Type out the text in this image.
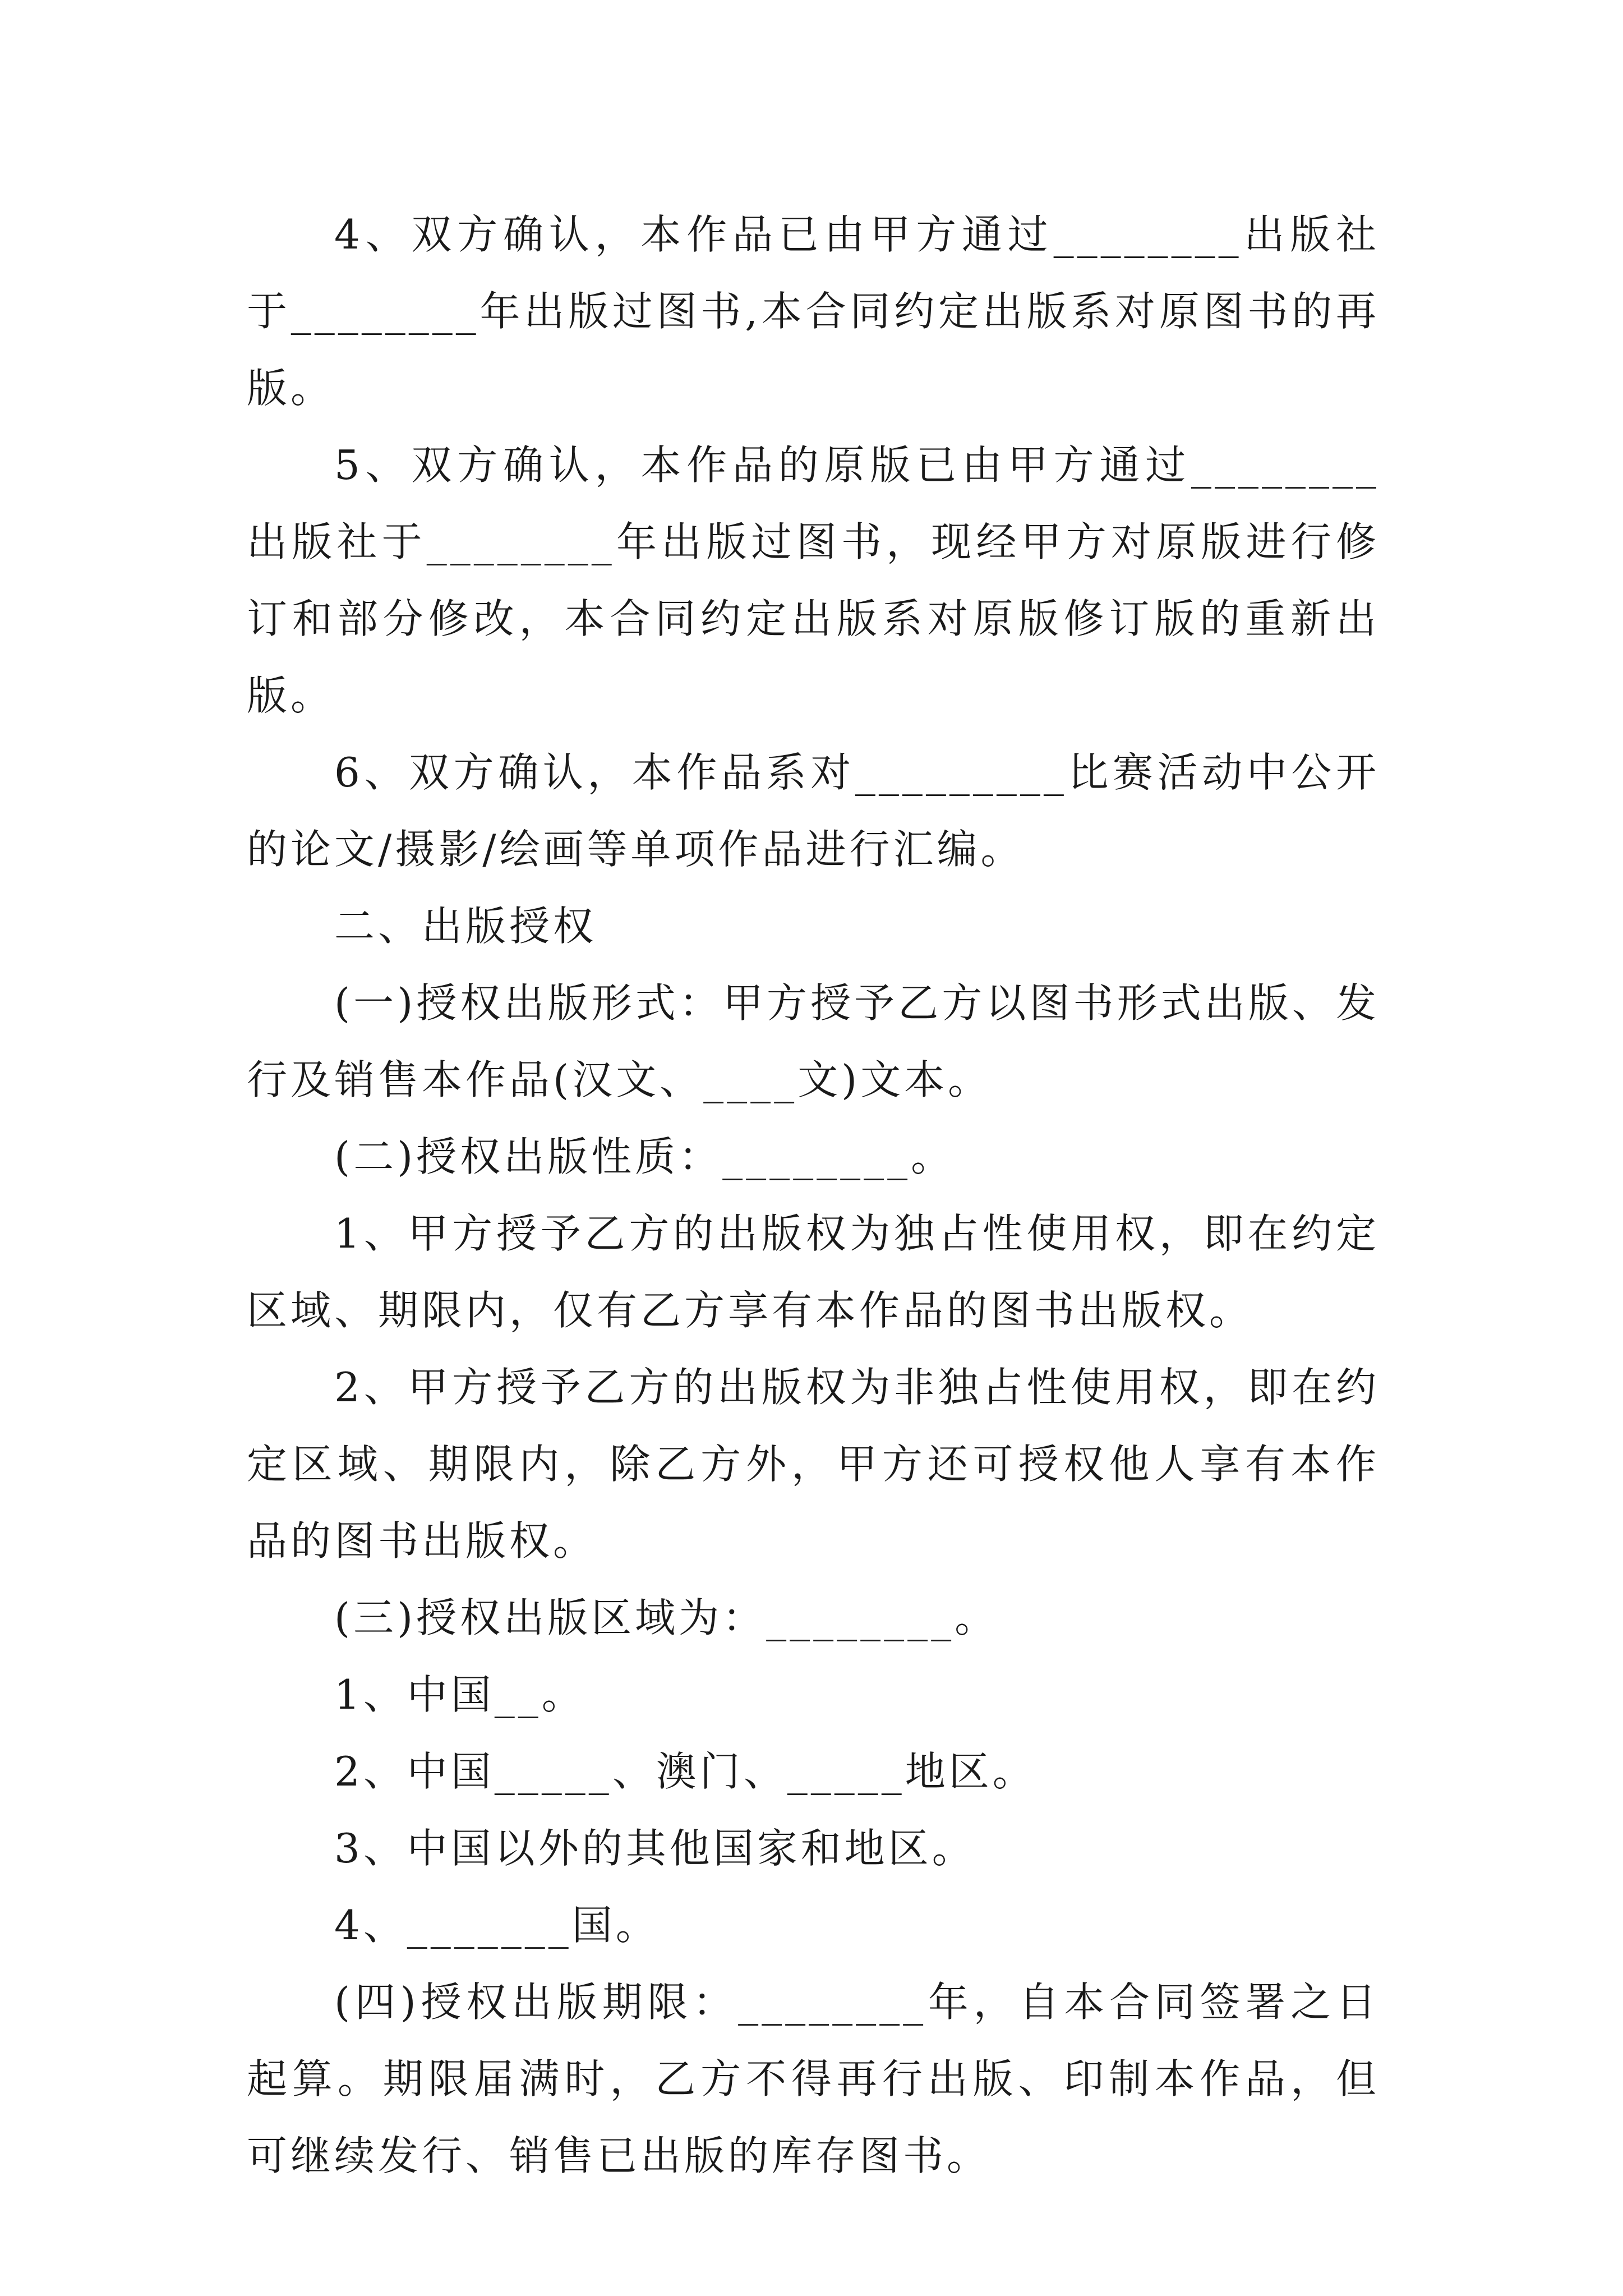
4、双方确认，本作品已由甲方通过________出版社于________年出版过图书,本合同约定出版系对原图书的再版。

5、双方确认，本作品的原版已由甲方通过________出版社于________年出版过图书，现经甲方对原版进行修订和部分修改，本合同约定出版系对原版修订版的重新出版。

6、双方确认，本作品系对_________比赛活动中公开的论文/摄影/绘画等单项作品进行汇编。

二、出版授权

(一)授权出版形式：甲方授予乙方以图书形式出版、发行及销售本作品(汉文、____文)文本。

(二)授权出版性质：________。

1、甲方授予乙方的出版权为独占性使用权，即在约定区域、期限内，仅有乙方享有本作品的图书出版权。

2、甲方授予乙方的出版权为非独占性使用权，即在约定区域、期限内，除乙方外，甲方还可授权他人享有本作品的图书出版权。

(三)授权出版区域为：________。

1、中国__。

2、中国_____、澳门、_____地区。

3、中国以外的其他国家和地区。

4、_______国。

(四)授权出版期限：________年，自本合同签署之日起算。期限届满时，乙方不得再行出版、印制本作品，但可继续发行、销售已出版的库存图书。
